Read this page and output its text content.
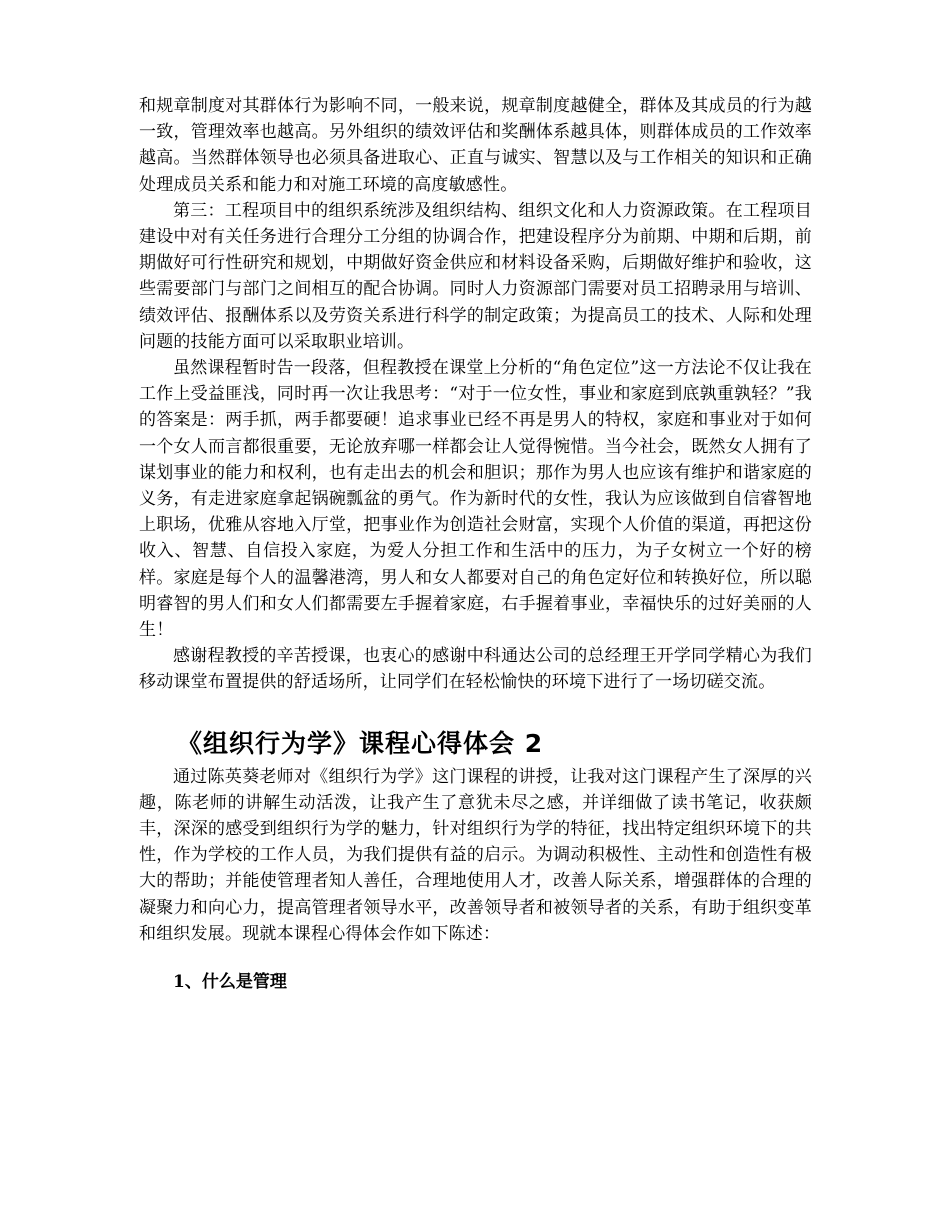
和规章制度对其群体行为影响不同，一般来说，规章制度越健全，群体及其成员的行为越一致，管理效率也越高。另外组织的绩效评估和奖酬体系越具体，则群体成员的工作效率越高。当然群体领导也必须具备进取心、正直与诚实、智慧以及与工作相关的知识和正确处理成员关系和能力和对施工环境的高度敏感性。

第三：工程项目中的组织系统涉及组织结构、组织文化和人力资源政策。在工程项目建设中对有关任务进行合理分工分组的协调合作，把建设程序分为前期、中期和后期，前期做好可行性研究和规划，中期做好资金供应和材料设备采购，后期做好维护和验收，这些需要部门与部门之间相互的配合协调。同时人力资源部门需要对员工招聘录用与培训、绩效评估、报酬体系以及劳资关系进行科学的制定政策；为提高员工的技术、人际和处理问题的技能方面可以采取职业培训。

虽然课程暂时告一段落，但程教授在课堂上分析的“角色定位”这一方法论不仅让我在工作上受益匪浅，同时再一次让我思考：“对于一位女性，事业和家庭到底孰重孰轻？”我的答案是：两手抓，两手都要硬！追求事业已经不再是男人的特权，家庭和事业对于如何一个女人而言都很重要，无论放弃哪一样都会让人觉得惋惜。当今社会，既然女人拥有了谋划事业的能力和权利，也有走出去的机会和胆识；那作为男人也应该有维护和谐家庭的义务，有走进家庭拿起锅碗瓢盆的勇气。作为新时代的女性，我认为应该做到自信睿智地上职场，优雅从容地入厅堂，把事业作为创造社会财富，实现个人价值的渠道，再把这份收入、智慧、自信投入家庭，为爱人分担工作和生活中的压力，为子女树立一个好的榜样。家庭是每个人的温馨港湾，男人和女人都要对自己的角色定好位和转换好位，所以聪明睿智的男人们和女人们都需要左手握着家庭，右手握着事业，幸福快乐的过好美丽的人生！

感谢程教授的辛苦授课，也衷心的感谢中科通达公司的总经理王开学同学精心为我们移动课堂布置提供的舒适场所，让同学们在轻松愉快的环境下进行了一场切磋交流。

《组织行为学》课程心得体会 2

通过陈英葵老师对《组织行为学》这门课程的讲授，让我对这门课程产生了深厚的兴趣，陈老师的讲解生动活泼，让我产生了意犹未尽之感，并详细做了读书笔记，收获颇丰，深深的感受到组织行为学的魅力，针对组织行为学的特征，找出特定组织环境下的共性，作为学校的工作人员，为我们提供有益的启示。为调动积极性、主动性和创造性有极大的帮助；并能使管理者知人善任，合理地使用人才，改善人际关系，增强群体的合理的凝聚力和向心力，提高管理者领导水平，改善领导者和被领导者的关系，有助于组织变革和组织发展。现就本课程心得体会作如下陈述：

1、什么是管理
